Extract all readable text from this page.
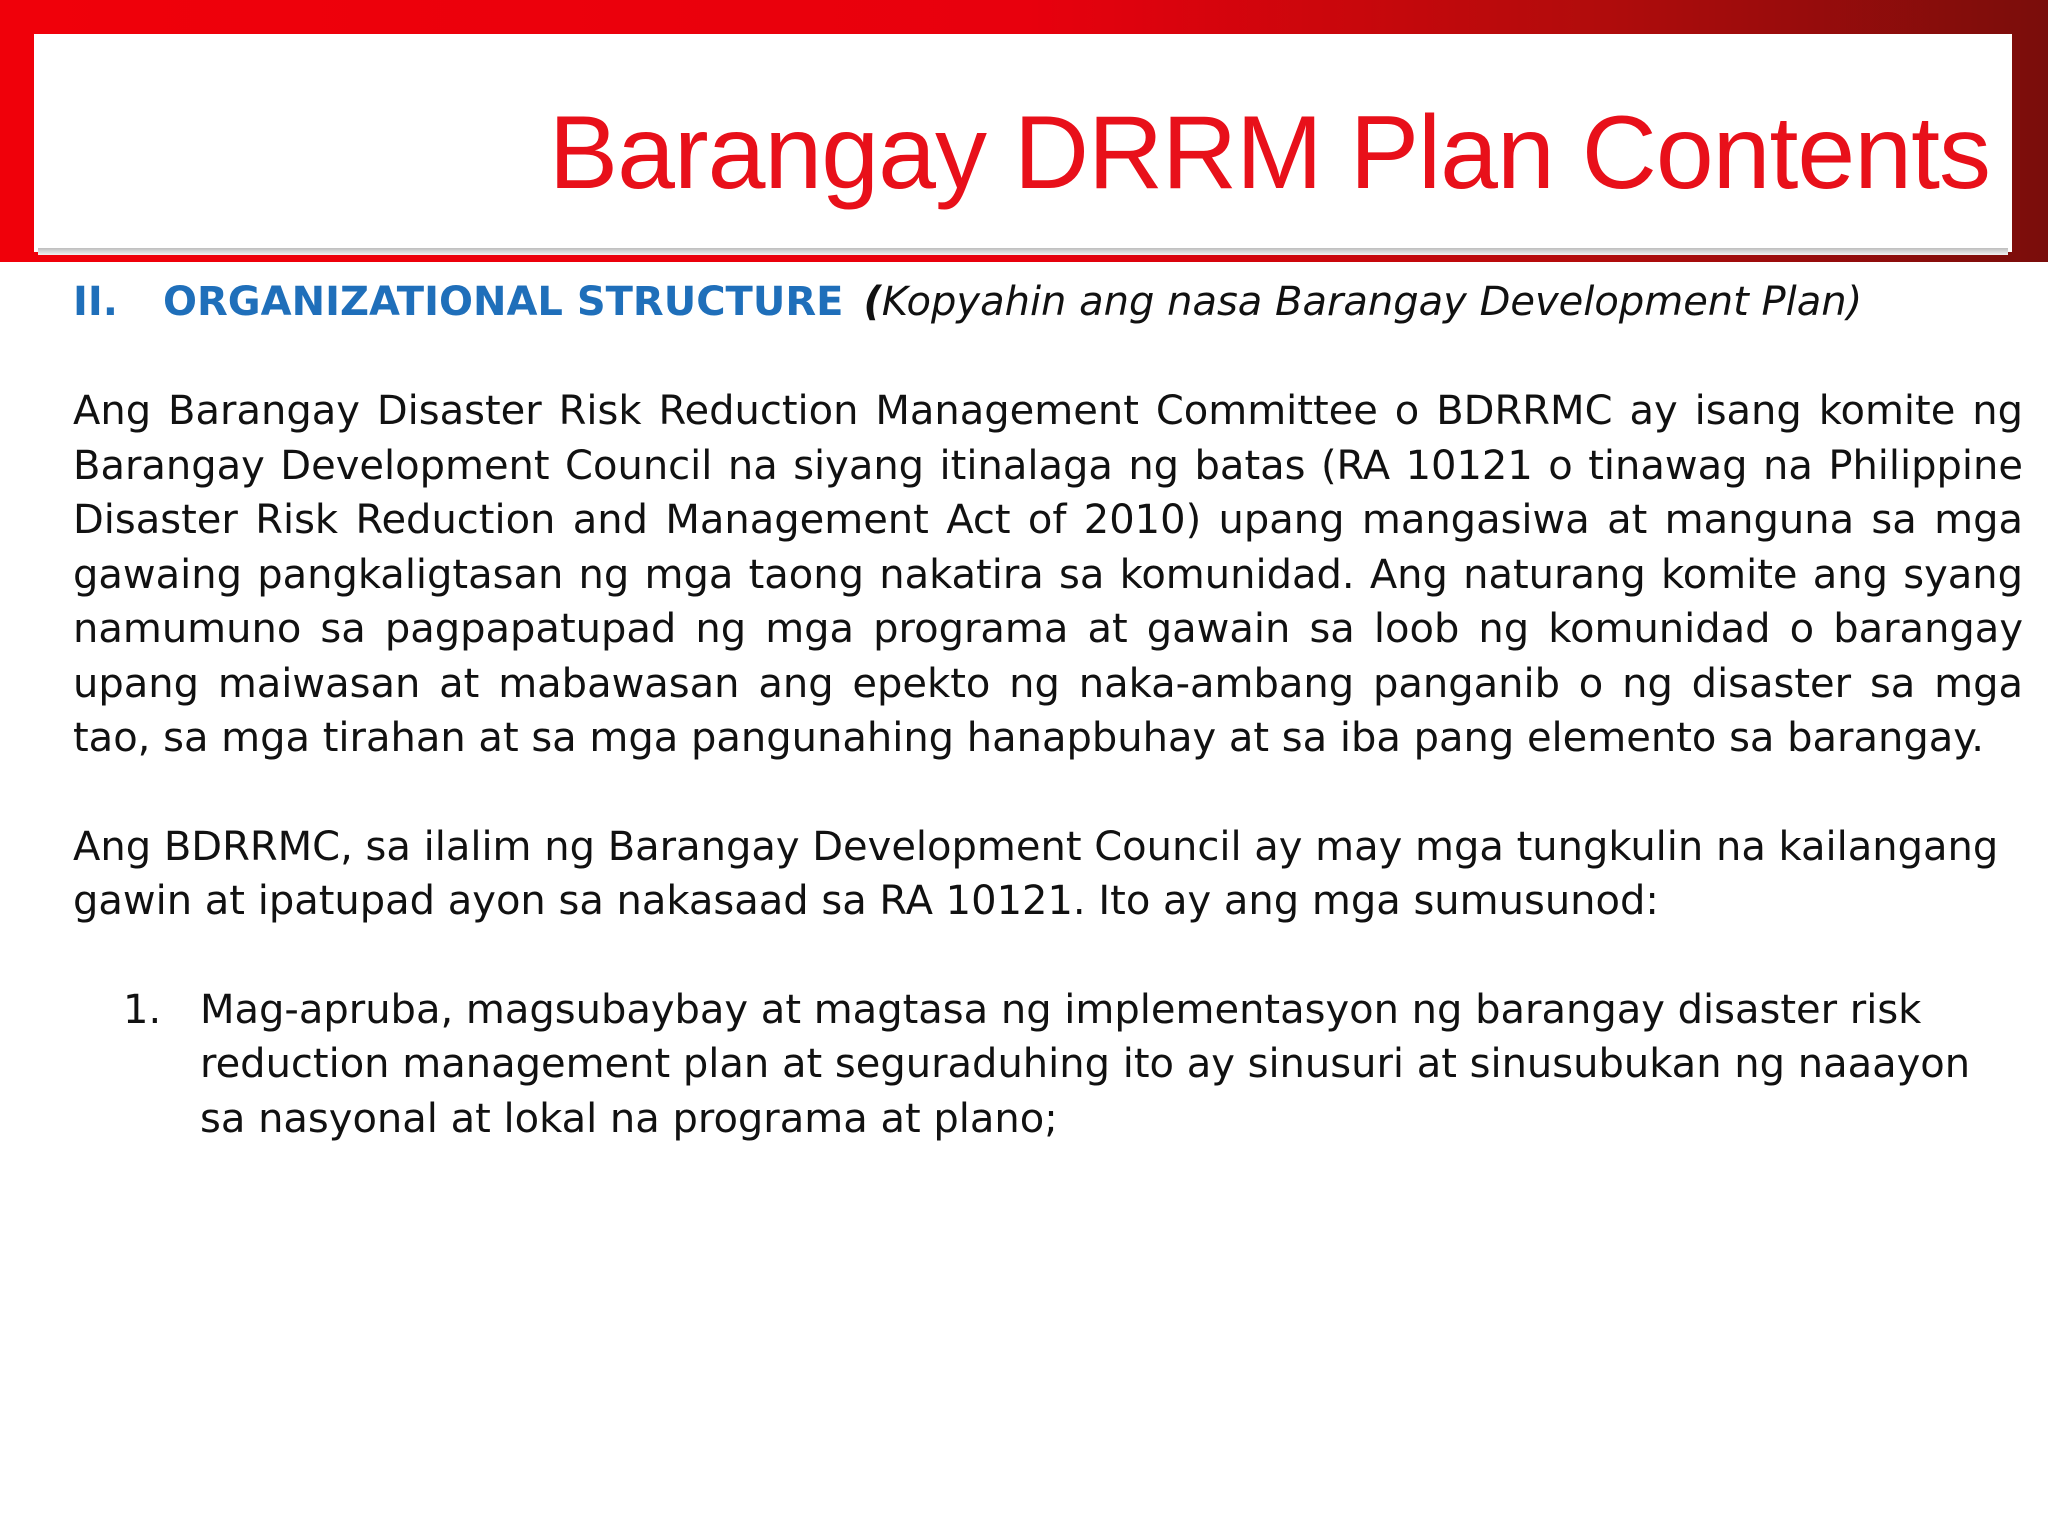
Barangay DRRM Plan Contents
II. ORGANIZATIONAL STRUCTURE (Kopyahin ang nasa Barangay Development Plan)

Ang Barangay Disaster Risk Reduction Management Committee o BDRRMC ay isang komite ng Barangay Development Council na siyang itinalaga ng batas (RA 10121 o tinawag na Philippine Disaster Risk Reduction and Management Act of 2010) upang mangasiwa at manguna sa mga gawaing pangkaligtasan ng mga taong nakatira sa komunidad. Ang naturang komite ang syang namumuno sa pagpapatupad ng mga programa at gawain sa loob ng komunidad o barangay upang maiwasan at mabawasan ang epekto ng naka-ambang panganib o ng disaster sa mga tao, sa mga tirahan at sa mga pangunahing hanapbuhay at sa iba pang elemento sa barangay.

Ang BDRRMC, sa ilalim ng Barangay Development Council ay may mga tungkulin na kailangang gawin at ipatupad ayon sa nakasaad sa RA 10121. Ito ay ang mga sumusunod:

1. Mag-apruba, magsubaybay at magtasa ng implementasyon ng barangay disaster risk reduction management plan at seguraduhing ito ay sinusuri at sinusubukan ng naaayon sa nasyonal at lokal na programa at plano;
